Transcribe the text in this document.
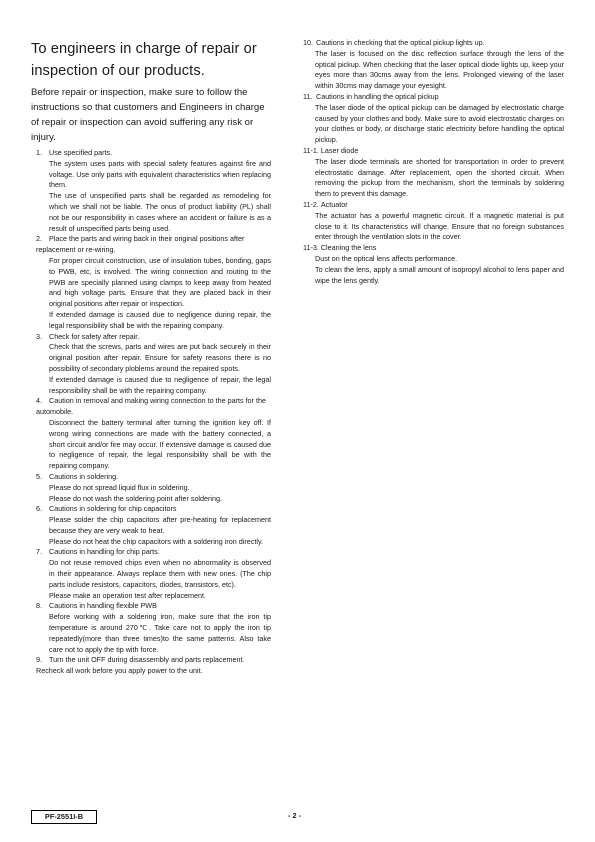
To engineers in charge of repair or
inspection of our products.

Before repair or inspection, make sure to follow the instructions so that customers and Engineers in charge of repair or inspection can avoid suffering any risk or injury.

1. Use specified parts.

The system uses parts with special safety features against fire and voltage. Use only parts with equivalent characteristics when replacing them.

The use of unspecified parts shall be regarded as remodeling for which we shall not be liable. The onus of product liability (PL) shall not be our responsibility in cases where an accident or failure is as a result of unspecified parts being used.

2. Place the parts and wiring back in their original positions after replacement or re-wiring.

For proper circuit construction, use of insulation tubes, bonding, gaps to PWB, etc, is involved. The wiring connection and routing to the PWB are specially planned using clamps to keep away from heated and high voltage parts. Ensure that they are placed back in their original positions after repair or inspection.

If extended damage is caused due to negligence during repair, the legal responsibility shall be with the repairing company.

3. Check for safety after repair.

Check that the screws, parts and wires are put back securely in their original position after repair. Ensure for safety reasons there is no possibility of secondary ploblems around the repaired spots.

If extended damage is caused due to negligence of repair, the legal responsibility shall be with the repairing company.

4. Caution in removal and making wiring connection to the parts for the automobile.

Disconnect the battery terminal after turning the ignition key off. If wrong wiring connections are made with the battery connected, a short circuit and/or fire may occur. If extensive damage is caused due to negligence of repair, the legal responsibility shall be with the repairing company.

5. Cautions in soldering.

Please do not spread liquid flux in soldering.

Please do not wash the soldering point after soldering.

6. Cautions in soldering for chip capacitors

Please solder the chip capacitors after pre-heating for replacement because they are very weak to heat.

Please do not heat the chip capacitors with a soldering iron directly.

7. Cautions in handling for chip parts.

Do not reuse removed chips even when no abnormality is observed in their appearance. Always replace them with new ones. (The chip parts include resistors, capacitors, diodes, transistors, etc).

Please make an operation test after replacement.

8. Cautions in handling flexible PWB

Before working with a soldering iron, make sure that the iron tip temperature is around 270℃. Take care not to apply the iron tip repeatedly(more than three times)to the same patterns. Also take care not to apply the tip with force.

9. Turn the unit OFF during disassembly and parts replacement. Recheck all work before you apply power to the unit.

10. Cautions in checking that the optical pickup lights up.

The laser is focused on the disc reflection surface through the lens of the optical pickup. When checking that the laser optical diode lights up, keep your eyes more than 30cms away from the lens. Prolonged viewing of the laser within 30cms may damage your eyesight.

11. Cautions in handling the optical pickup

The laser diode of the optical pickup can be damaged by electrostatic charge caused by your clothes and body. Make sure to avoid electrostatic charges on your clothes or body, or discharge static electricity before handling the optical pickup.

11-1. Laser diode

The laser diode terminals are shorted for transportation in order to prevent electrostatic damage. After replacement, open the shorted circuit. When removing the pickup from the mechanism, short the terminals by soldering them to prevent this damage.

11-2. Actuator

The actuator has a powerful magnetic circuit. If a magnetic material is put close to it. Its characteristics will change. Ensure that no foreign substances enter through the ventilation slots in the cover.

11-3. Cleaning the lens

Dust on the optical lens affects performance.

To clean the lens, apply a small amount of isopropyl alcohol to lens paper and wipe the lens gently.

PF-2551I-B	- 2 -
